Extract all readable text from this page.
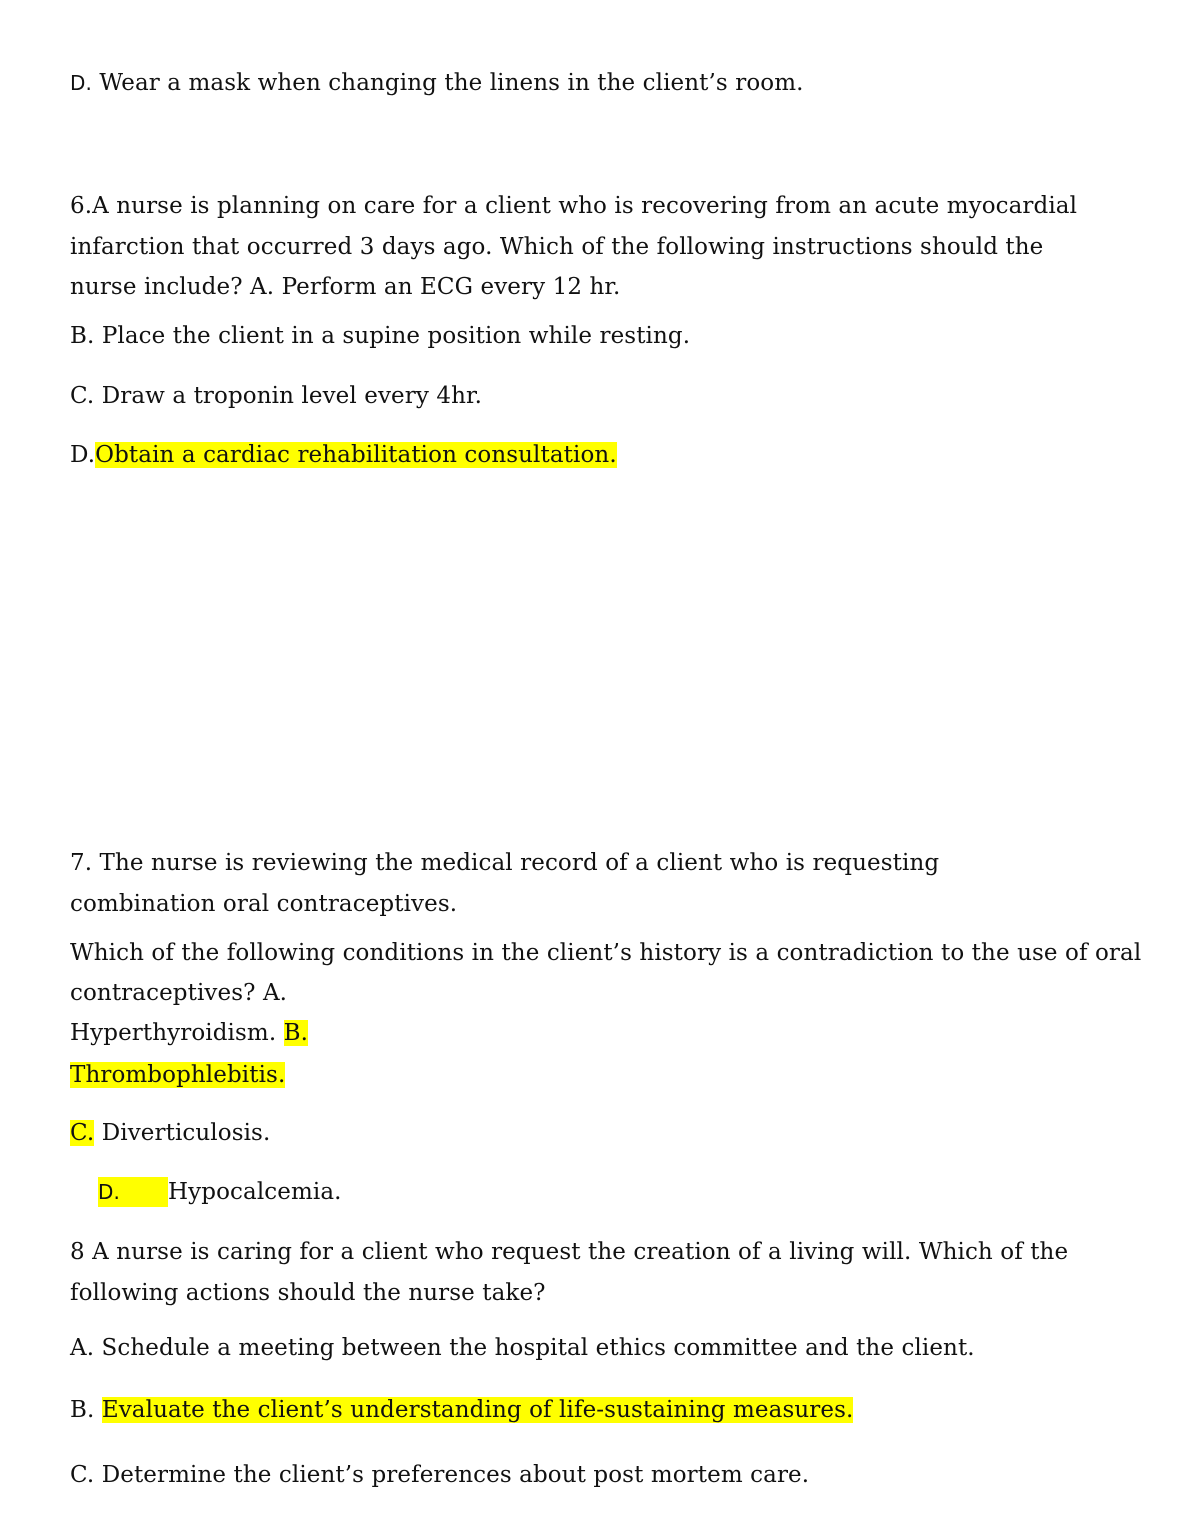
D. Wear a mask when changing the linens in the client’s room.
6.A nurse is planning on care for a client who is recovering from an acute myocardial
infarction that occurred 3 days ago. Which of the following instructions should the
nurse include? A. Perform an ECG every 12 hr.
B. Place the client in a supine position while resting.
C. Draw a troponin level every 4hr.
D.Obtain a cardiac rehabilitation consultation.
7. The nurse is reviewing the medical record of a client who is requesting
combination oral contraceptives.
Which of the following conditions in the client’s history is a contradiction to the use of oral
contraceptives? A.
Hyperthyroidism. B.
Thrombophlebitis.
C. Diverticulosis.
D. Hypocalcemia.
8 A nurse is caring for a client who request the creation of a living will. Which of the
following actions should the nurse take?
A. Schedule a meeting between the hospital ethics committee and the client.
B. Evaluate the client’s understanding of life-sustaining measures.
C. Determine the client’s preferences about post mortem care.
